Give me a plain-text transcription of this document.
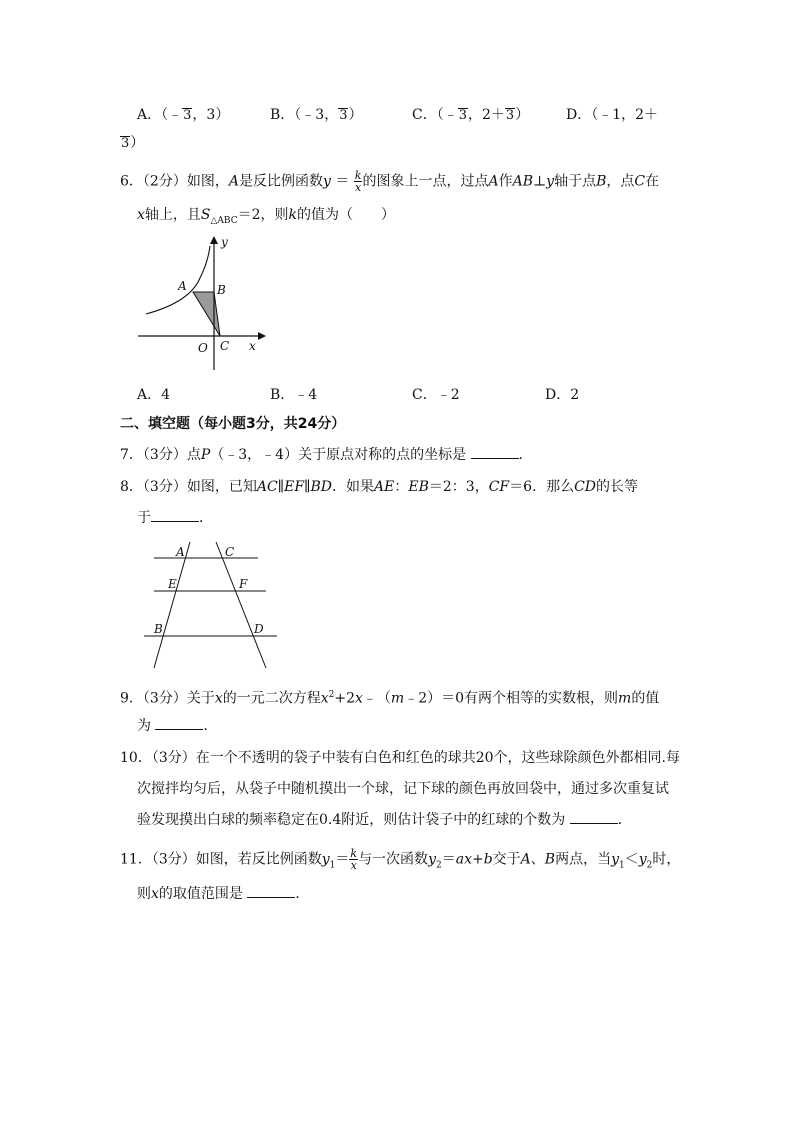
A．（﹣3，3）	B．（﹣3，3）	C．（﹣3，2＋3）	D．（﹣1，2＋
3）
6．（2分）如图，A是反比例函数$y = \frac{k}{x}$ 的图象上一点，过点A作AB⊥y轴于点B，点C在
x轴上，且$S_{\triangle ABC}=2$，则k的值为（　　）
A	B
C
O	x
y
A．4	B．﹣4	C．﹣2	D．2
二、填空题（每小题3分，共24分）
7．（3分）点P（﹣3，﹣4）关于原点对称的点的坐标是	．
8．（3分）如图，已知AC∥EF∥BD．如果AE：EB＝2：3，CF＝6．那么CD的长等
于	．
A	C
E	F
B	D
9．（3分）关于x的一元二次方程$x^2+2x﹣(m﹣2)=0$有两个相等的实数根，则m的值
为	．
10．（3分）在一个不透明的袋子中装有白色和红色的球共20个，这些球除颜色外都相同.每
次搅拌均匀后，从袋子中随机摸出一个球，记下球的颜色再放回袋中，通过多次重复试
验发现摸出白球的频率稳定在0.4附近，则估计袋子中的红球的个数为	．
11．（3分）如图，若反比例函数$y_1= \frac{k}{x}$ 与一次函数$y_2=ax+b$交于A、B两点，当$y_1<y_2$时，
则x的取值范围是	．
